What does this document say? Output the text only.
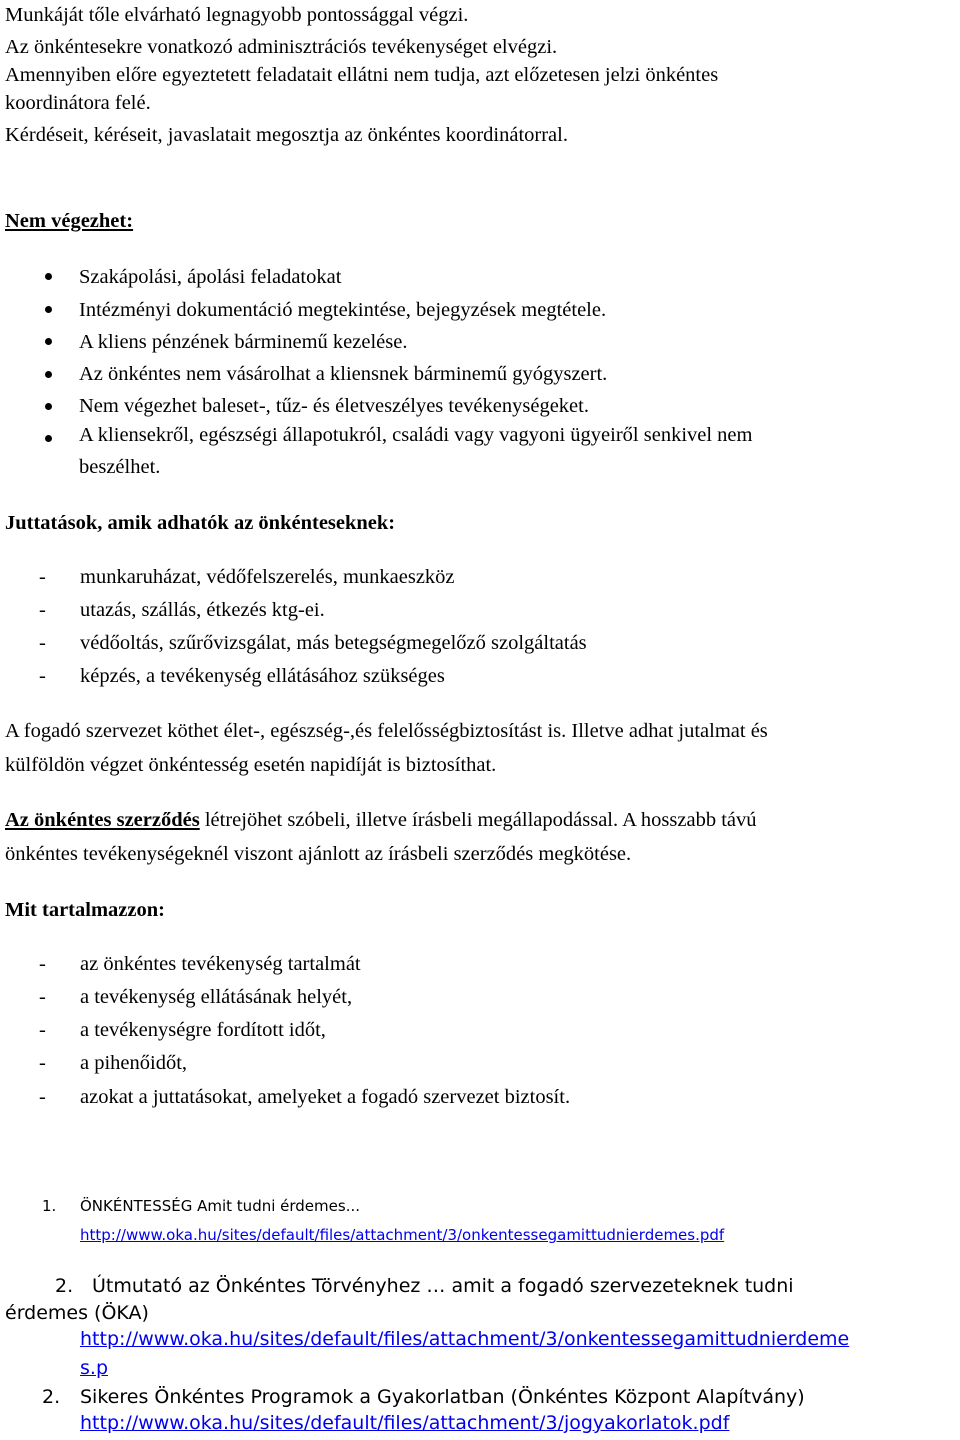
Munkáját tőle elvárható legnagyobb pontossággal végzi.
Az önkéntesekre vonatkozó adminisztrációs tevékenységet elvégzi.
Amennyiben előre egyeztetett feladatait ellátni nem tudja, azt előzetesen jelzi önkéntes
koordinátora felé.
Kérdéseit, kéréseit, javaslatait megosztja az önkéntes koordinátorral.
Nem végezhet:
Szakápolási, ápolási feladatokat
Intézményi dokumentáció megtekintése, bejegyzések megtétele.
A kliens pénzének bárminemű kezelése.
Az önkéntes nem vásárolhat a kliensnek bárminemű gyógyszert.
Nem végezhet baleset-, tűz- és életveszélyes tevékenységeket.
A kliensekről, egészségi állapotukról, családi vagy vagyoni ügyeiről senkivel nem
beszélhet.
Juttatások, amik adhatók az önkénteseknek:
- munkaruházat, védőfelszerelés, munkaeszköz
- utazás, szállás, étkezés ktg-ei.
- védőoltás, szűrővizsgálat, más betegségmegelőző szolgáltatás
- képzés, a tevékenység ellátásához szükséges
A fogadó szervezet köthet élet-, egészség-,és felelősségbiztosítást is. Illetve adhat jutalmat és
külföldön végzet önkéntesség esetén napidíját is biztosíthat.
Az önkéntes szerződés létrejöhet szóbeli, illetve írásbeli megállapodással. A hosszabb távú
önkéntes tevékenységeknél viszont ajánlott az írásbeli szerződés megkötése.
Mit tartalmazzon:
- az önkéntes tevékenység tartalmát
- a tevékenység ellátásának helyét,
- a tevékenységre fordított időt,
- a pihenőidőt,
- azokat a juttatásokat, amelyeket a fogadó szervezet biztosít.
1. ÖNKÉNTESSÉG Amit tudni érdemes...
http://www.oka.hu/sites/default/files/attachment/3/onkentessegamittudnierdemes.pdf
2. Útmutató az Önkéntes Törvényhez … amit a fogadó szervezeteknek tudni
érdemes (ÖKA)
http://www.oka.hu/sites/default/files/attachment/3/onkentessegamittudnierdeme
s.p
2. Sikeres Önkéntes Programok a Gyakorlatban (Önkéntes Központ Alapítvány)
http://www.oka.hu/sites/default/files/attachment/3/jogyakorlatok.pdf
